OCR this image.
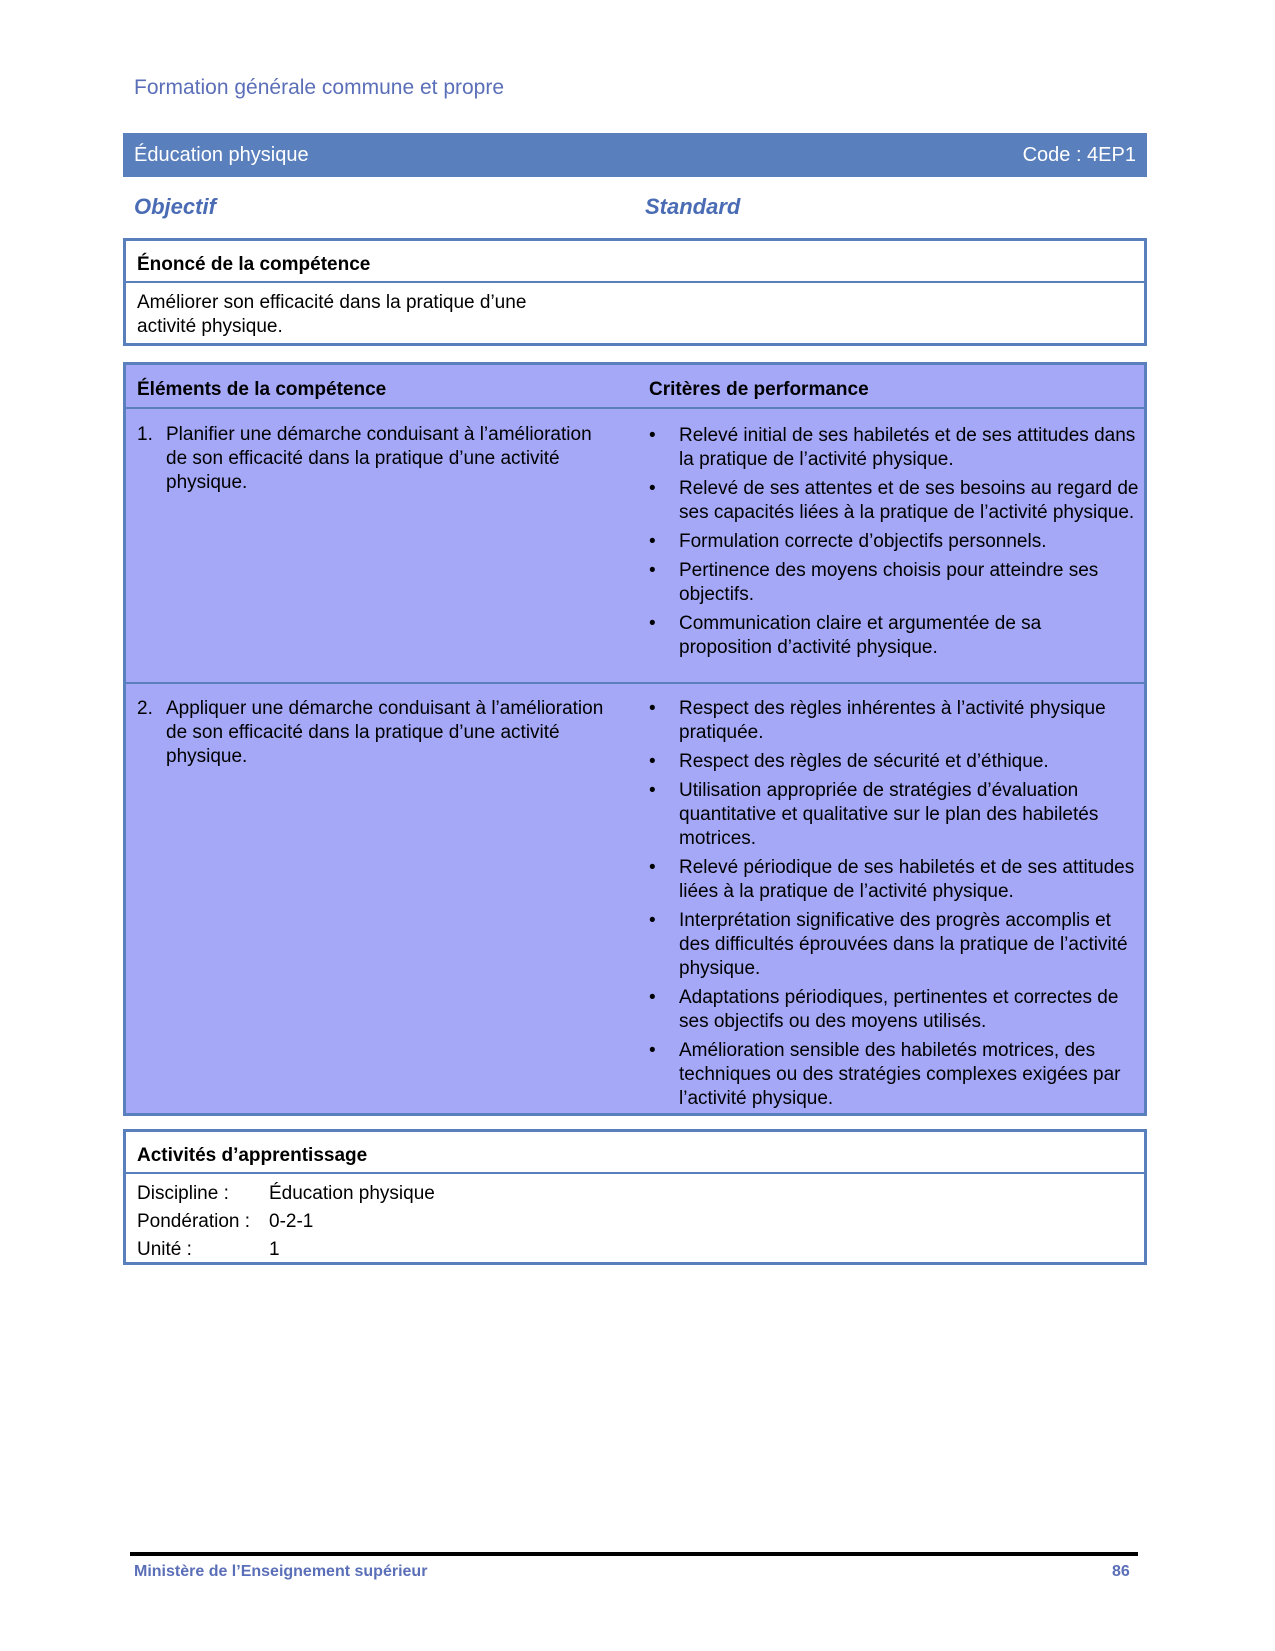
Formation générale commune et propre
Éducation physique	Code : 4EP1
Objectif	Standard
Énoncé de la compétence
Améliorer son efficacité dans la pratique d’une activité physique.
Éléments de la compétence	Critères de performance
1. Planifier une démarche conduisant à l’amélioration de son efficacité dans la pratique d’une activité physique.
• Relevé initial de ses habiletés et de ses attitudes dans la pratique de l’activité physique.
• Relevé de ses attentes et de ses besoins au regard de ses capacités liées à la pratique de l’activité physique.
• Formulation correcte d’objectifs personnels.
• Pertinence des moyens choisis pour atteindre ses objectifs.
• Communication claire et argumentée de sa proposition d’activité physique.
2. Appliquer une démarche conduisant à l’amélioration de son efficacité dans la pratique d’une activité physique.
• Respect des règles inhérentes à l’activité physique pratiquée.
• Respect des règles de sécurité et d’éthique.
• Utilisation appropriée de stratégies d’évaluation quantitative et qualitative sur le plan des habiletés motrices.
• Relevé périodique de ses habiletés et de ses attitudes liées à la pratique de l’activité physique.
• Interprétation significative des progrès accomplis et des difficultés éprouvées dans la pratique de l’activité physique.
• Adaptations périodiques, pertinentes et correctes de ses objectifs ou des moyens utilisés.
• Amélioration sensible des habiletés motrices, des techniques ou des stratégies complexes exigées par l’activité physique.
Activités d’apprentissage
Discipline :	Éducation physique
Pondération : 0-2-1
Unité :	1
Ministère de l’Enseignement supérieur	86
